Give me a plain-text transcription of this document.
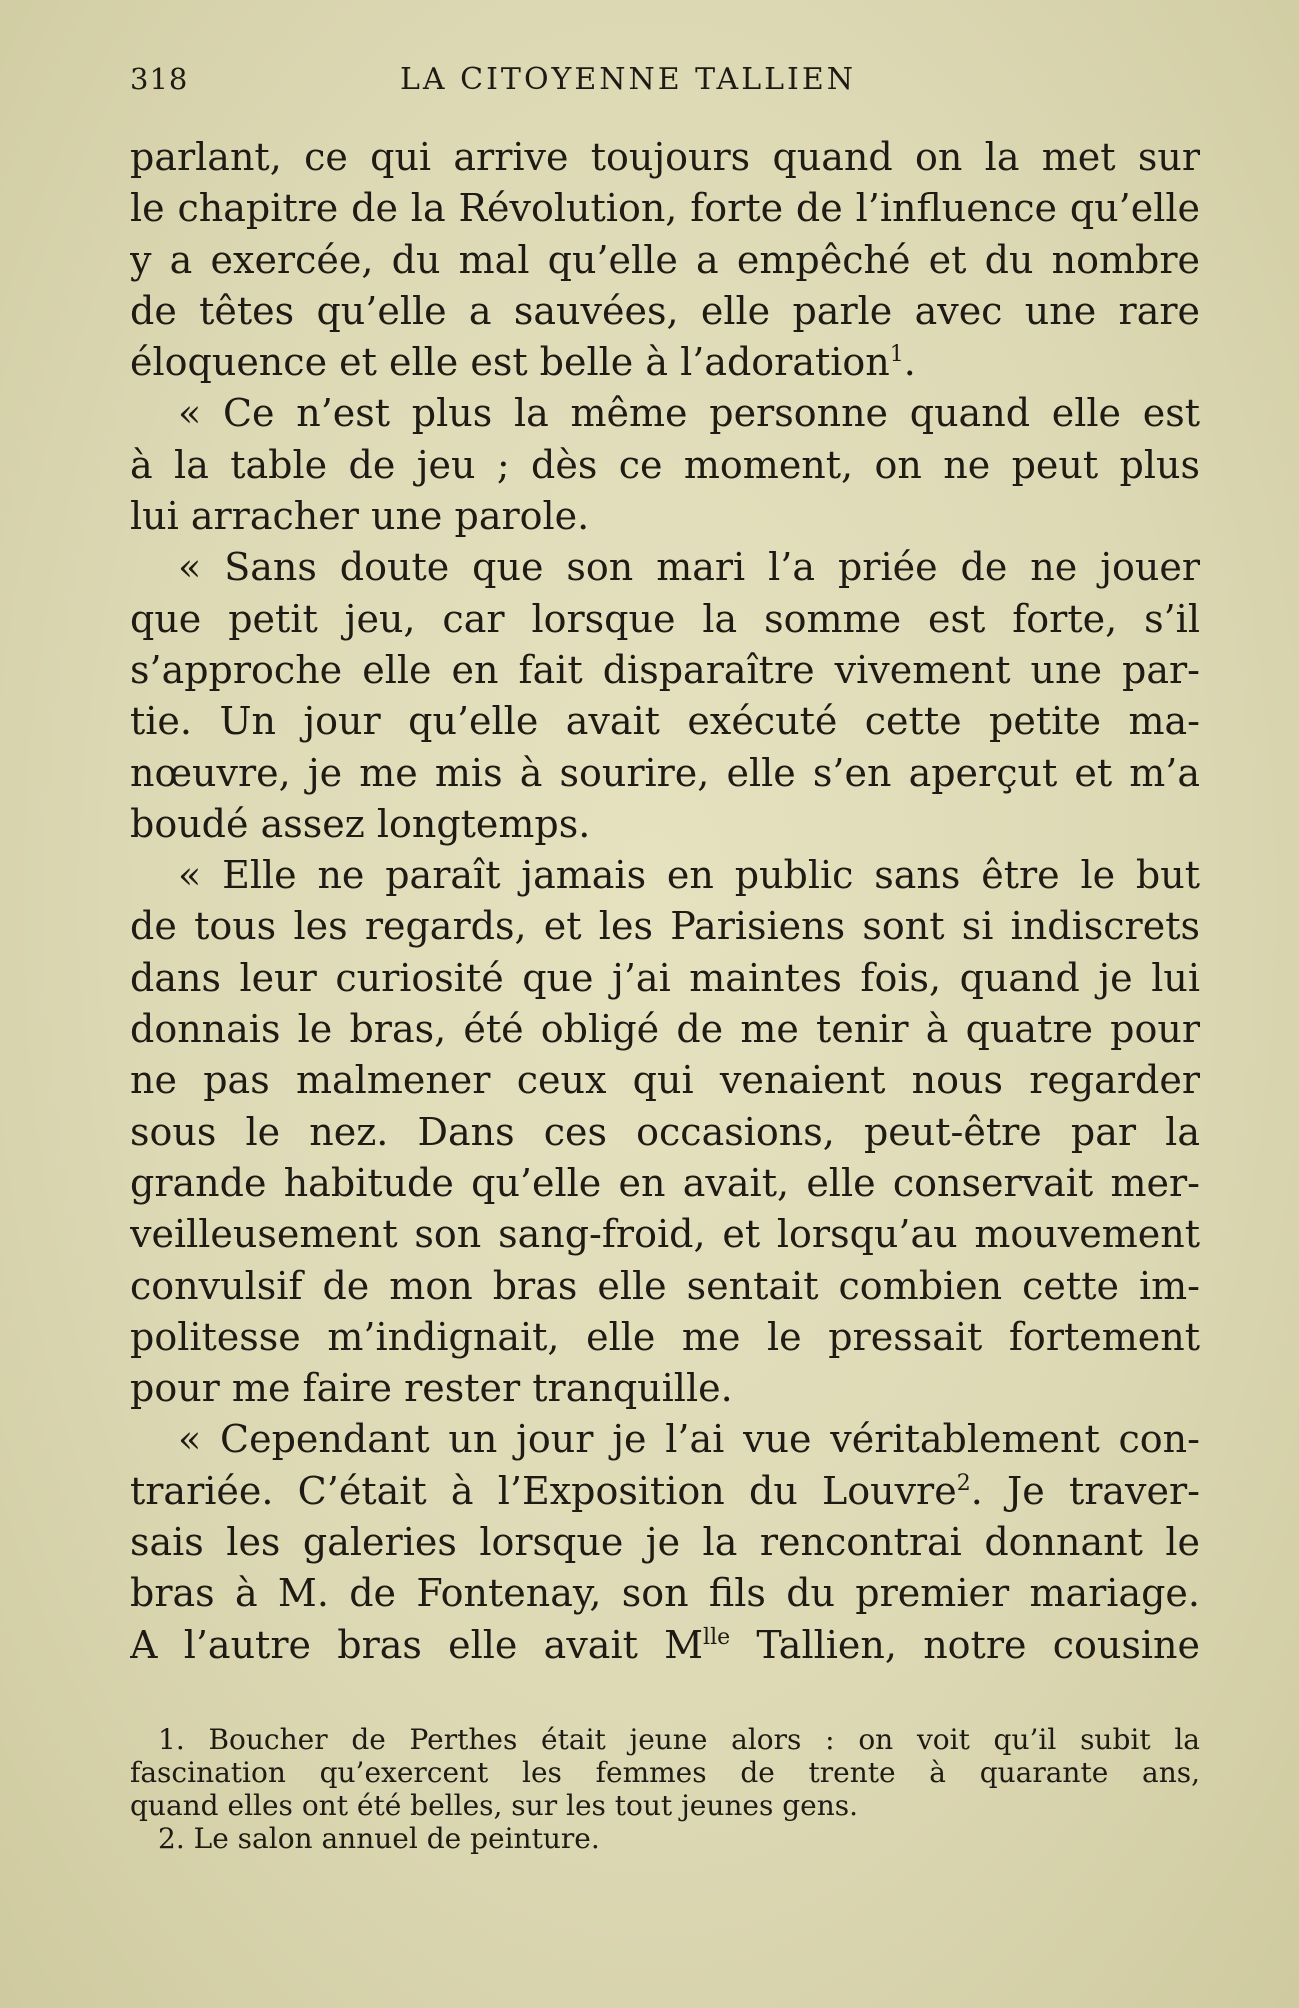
318	LA CITOYENNE TALLIEN
parlant, ce qui arrive toujours quand on la met sur
le chapitre de la Révolution, forte de l’influence qu’elle
y a exercée, du mal qu’elle a empêché et du nombre
de têtes qu’elle a sauvées, elle parle avec une rare
éloquence et elle est belle à l’adoration$^1$.
« Ce n’est plus la même personne quand elle est
à la table de jeu ; dès ce moment, on ne peut plus
lui arracher une parole.
« Sans doute que son mari l’a priée de ne jouer
que petit jeu, car lorsque la somme est forte, s’il
s’approche elle en fait disparaître vivement une par-
tie. Un jour qu’elle avait exécuté cette petite ma-
nœuvre, je me mis à sourire, elle s’en aperçut et m’a
boudé assez longtemps.
« Elle ne paraît jamais en public sans être le but
de tous les regards, et les Parisiens sont si indiscrets
dans leur curiosité que j’ai maintes fois, quand je lui
donnais le bras, été obligé de me tenir à quatre pour
ne pas malmener ceux qui venaient nous regarder
sous le nez. Dans ces occasions, peut-être par la
grande habitude qu’elle en avait, elle conservait mer-
veilleusement son sang-froid, et lorsqu’au mouvement
convulsif de mon bras elle sentait combien cette im-
politesse m’indignait, elle me le pressait fortement
pour me faire rester tranquille.
« Cependant un jour je l’ai vue véritablement con-
trariée. C’était à l’Exposition du Louvre$^2$. Je traver-
sais les galeries lorsque je la rencontrai donnant le
bras à M. de Fontenay, son fils du premier mariage.
A l’autre bras elle avait $M^{lle}$ Tallien, notre cousine
1. Boucher de Perthes était jeune alors : on voit qu’il subit la
fascination qu’exercent les femmes de trente à quarante ans,
quand elles ont été belles, sur les tout jeunes gens.
2. Le salon annuel de peinture.
